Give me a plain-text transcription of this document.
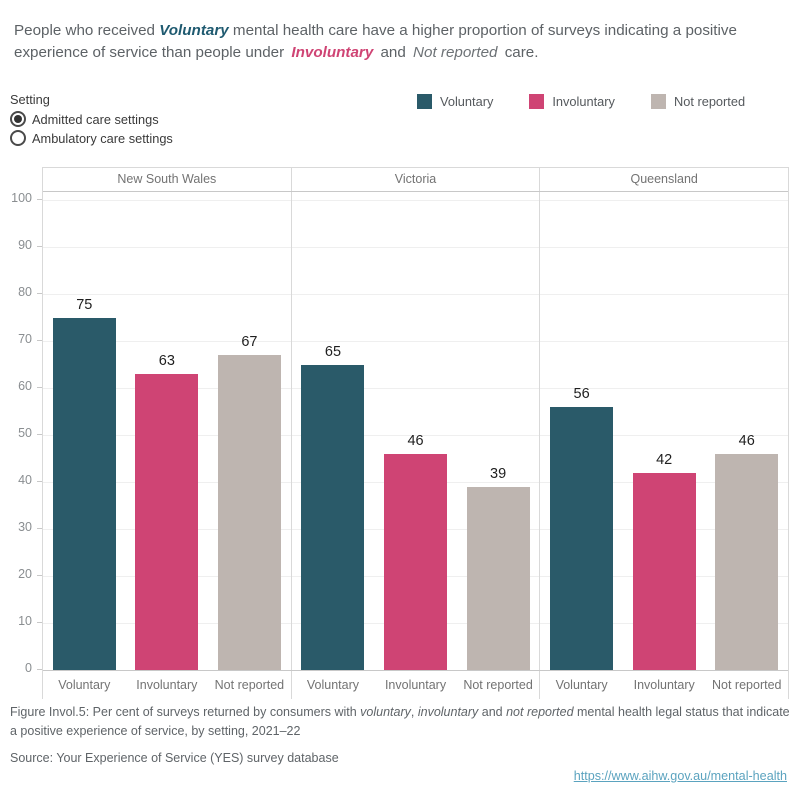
People who received Voluntary mental health care have a higher proportion of surveys indicating a positive experience of service than people under Involuntary and Not reported care.
Setting
Admitted care settings
Ambulatory care settings
Voluntary	Involuntary	Not reported
0
10
20
30
40
50
60
70
80
90
100
New South Wales	Victoria	Queensland
75
63
67
65
46
39
56
42
46
Voluntary	Involuntary	Not reported	Voluntary	Involuntary	Not reported	Voluntary	Involuntary	Not reported
Figure Invol.5: Per cent of surveys returned by consumers with voluntary, involuntary and not reported mental health legal status that indicate a positive experience of service, by setting, 2021–22
Source: Your Experience of Service (YES) survey database
https://www.aihw.gov.au/mental-health
